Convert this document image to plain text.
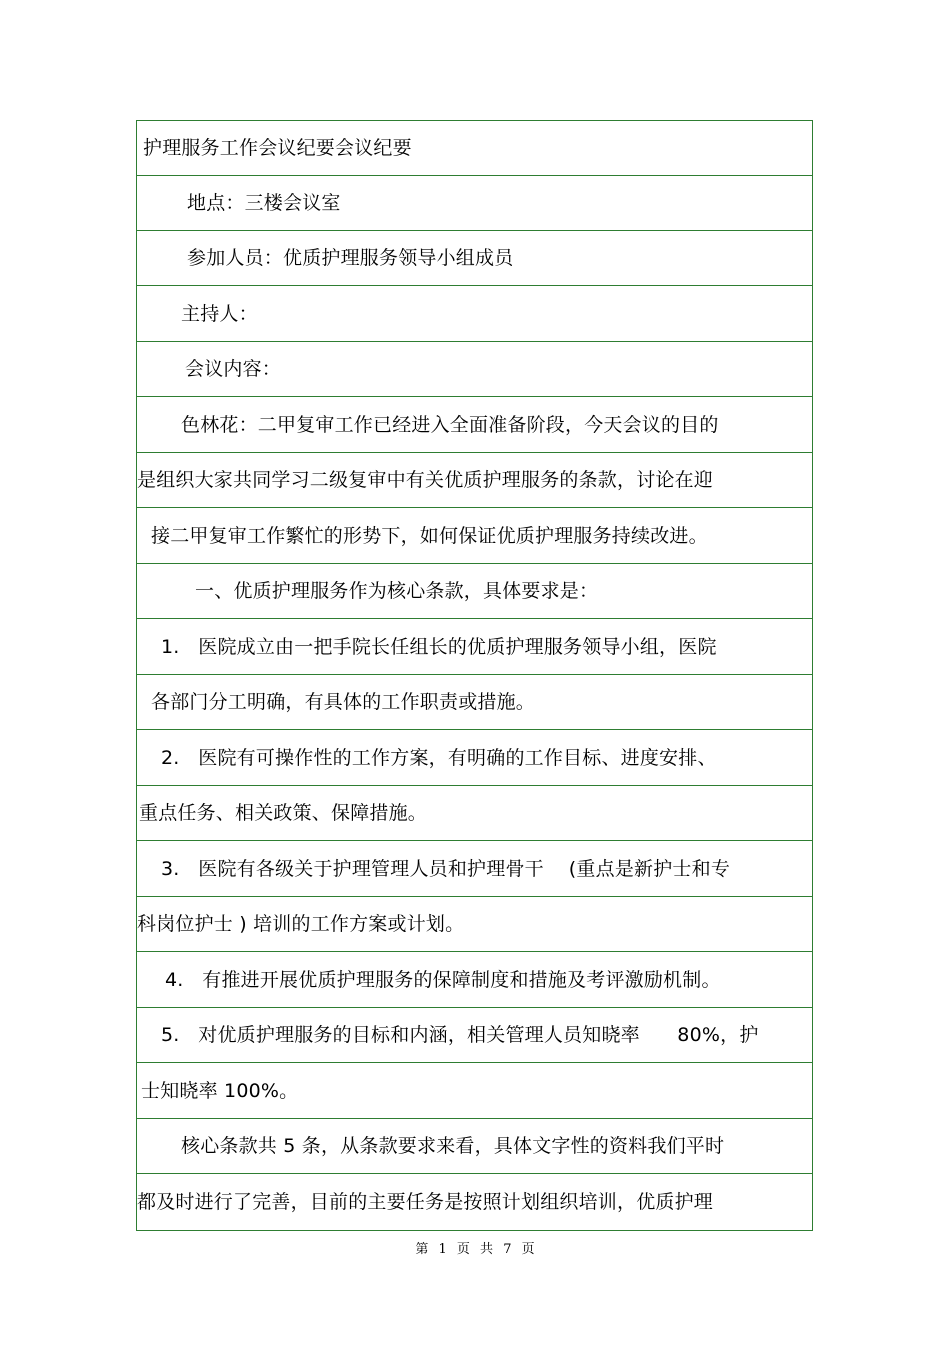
护理服务工作会议纪要会议纪要
地点：三楼会议室
参加人员：优质护理服务领导小组成员
主持人：
会议内容：
色林花：二甲复审工作已经进入全面准备阶段，今天会议的目的
是组织大家共同学习二级复审中有关优质护理服务的条款，讨论在迎
接二甲复审工作繁忙的形势下，如何保证优质护理服务持续改进。
一、优质护理服务作为核心条款，具体要求是：
1.   医院成立由一把手院长任组长的优质护理服务领导小组，医院
各部门分工明确，有具体的工作职责或措施。
2.   医院有可操作性的工作方案，有明确的工作目标、进度安排、
重点任务、相关政策、保障措施。
3.   医院有各级关于护理管理人员和护理骨干    (重点是新护士和专
科岗位护士 ) 培训的工作方案或计划。
4.   有推进开展优质护理服务的保障制度和措施及考评激励机制。
5.   对优质护理服务的目标和内涵，相关管理人员知晓率      80%，护
士知晓率 100%。
核心条款共 5 条，从条款要求来看，具体文字性的资料我们平时
都及时进行了完善，目前的主要任务是按照计划组织培训，优质护理
第 1 页 共 7 页
